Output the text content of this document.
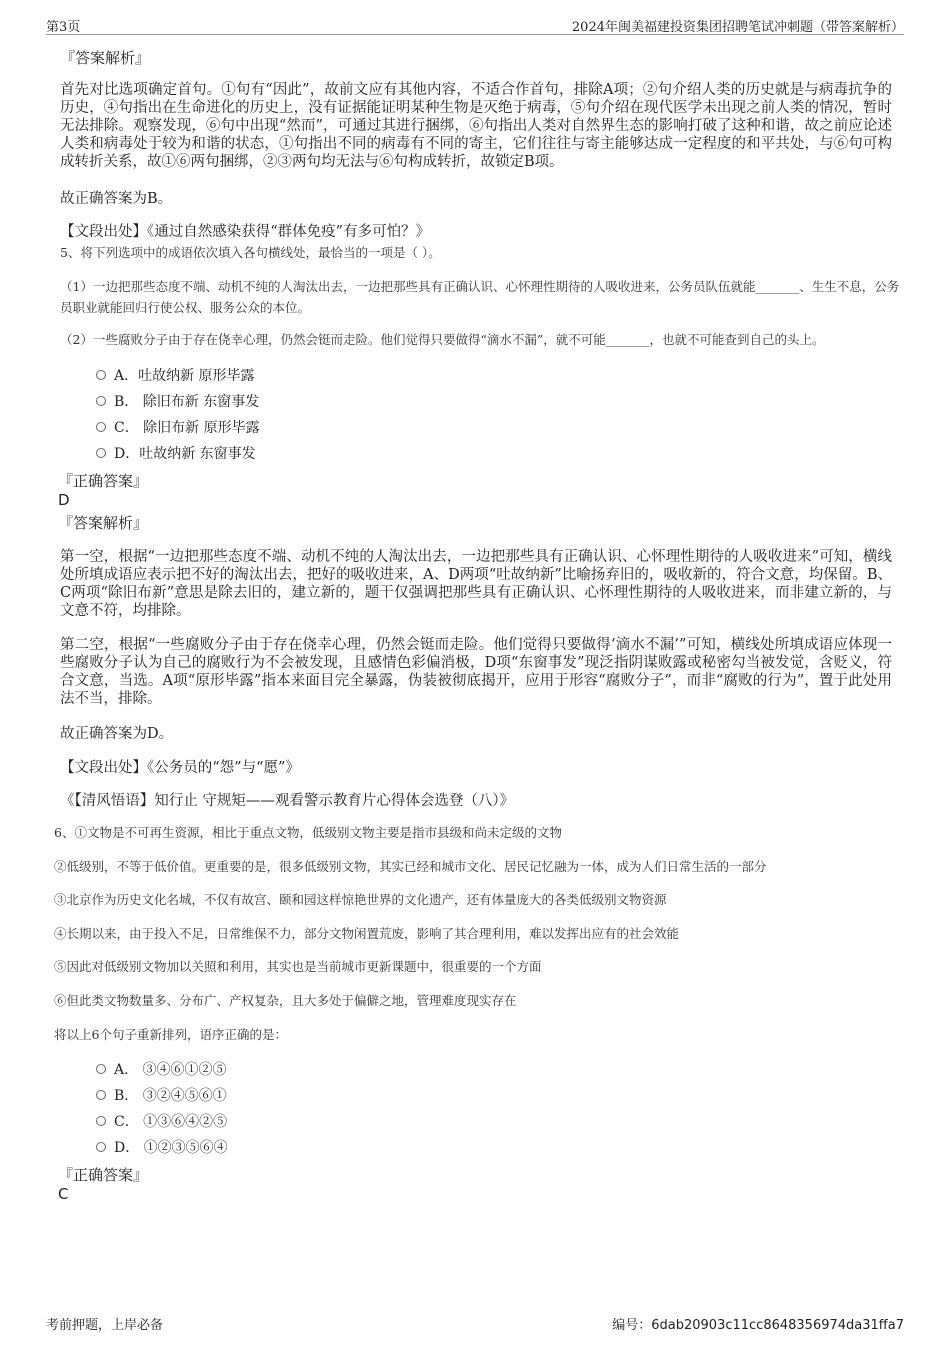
第3页	2024年闽美福建投资集团招聘笔试冲刺题（带答案解析）
『答案解析』
首先对比选项确定首句。①句有“因此”，故前文应有其他内容，不适合作首句，排除A项；②句介绍人类的历史就是与病毒抗争的历史，④句指出在生命进化的历史上，没有证据能证明某种生物是灭绝于病毒，⑤句介绍在现代医学未出现之前人类的情况，暂时无法排除。观察发现，⑥句中出现“然而”，可通过其进行捆绑，⑥句指出人类对自然界生态的影响打破了这种和谐，故之前应论述人类和病毒处于较为和谐的状态，①句指出不同的病毒有不同的寄主，它们往往与寄主能够达成一定程度的和平共处，与⑥句可构成转折关系，故①⑥两句捆绑，②③两句均无法与⑥句构成转折，故锁定B项。
故正确答案为B。
【文段出处】《通过自然感染获得“群体免疫”有多可怕？》
5、将下列选项中的成语依次填入各句横线处，最恰当的一项是（ ）。
（1）一边把那些态度不端、动机不纯的人淘汰出去，一边把那些具有正确认识、心怀理性期待的人吸收进来，公务员队伍就能_______、生生不息，公务员职业就能回归行使公权、服务公众的本位。
（2）一些腐败分子由于存在侥幸心理，仍然会铤而走险。他们觉得只要做得“滴水不漏”，就不可能_______，也就不可能查到自己的头上。
A．吐故纳新 原形毕露
B． 除旧布新 东窗事发
C． 除旧布新 原形毕露
D．吐故纳新 东窗事发
『正确答案』
D
『答案解析』
第一空，根据“一边把那些态度不端、动机不纯的人淘汰出去，一边把那些具有正确认识、心怀理性期待的人吸收进来”可知，横线处所填成语应表示把不好的淘汰出去，把好的吸收进来，A、D两项“吐故纳新”比喻扬弃旧的，吸收新的，符合文意，均保留。B、C两项“除旧布新”意思是除去旧的，建立新的，题干仅强调把那些具有正确认识、心怀理性期待的人吸收进来，而非建立新的，与文意不符，均排除。
第二空，根据“一些腐败分子由于存在侥幸心理，仍然会铤而走险。他们觉得只要做得‘滴水不漏’”可知，横线处所填成语应体现一些腐败分子认为自己的腐败行为不会被发现，且感情色彩偏消极，D项“东窗事发”现泛指阴谋败露或秘密勾当被发觉，含贬义，符合文意，当选。A项“原形毕露”指本来面目完全暴露，伪装被彻底揭开，应用于形容“腐败分子”，而非“腐败的行为”，置于此处用法不当，排除。
故正确答案为D。
【文段出处】《公务员的“怨”与“愿”》
《【清风悟语】知行止 守规矩——观看警示教育片心得体会选登（八）》
6、①文物是不可再生资源，相比于重点文物，低级别文物主要是指市县级和尚未定级的文物
②低级别，不等于低价值。更重要的是，很多低级别文物，其实已经和城市文化、居民记忆融为一体，成为人们日常生活的一部分
③北京作为历史文化名城，不仅有故宫、颐和园这样惊艳世界的文化遗产，还有体量庞大的各类低级别文物资源
④长期以来，由于投入不足，日常维保不力，部分文物闲置荒废，影响了其合理利用，难以发挥出应有的社会效能
⑤因此对低级别文物加以关照和利用，其实也是当前城市更新课题中，很重要的一个方面
⑥但此类文物数量多、分布广、产权复杂，且大多处于偏僻之地，管理难度现实存在
将以上6个句子重新排列，语序正确的是：
A． ③④⑥①②⑤
B． ③②④⑤⑥①
C． ①③⑥④②⑤
D． ①②③⑤⑥④
『正确答案』
C
考前押题，上岸必备	编号：6dab20903c11cc8648356974da31ffa7
